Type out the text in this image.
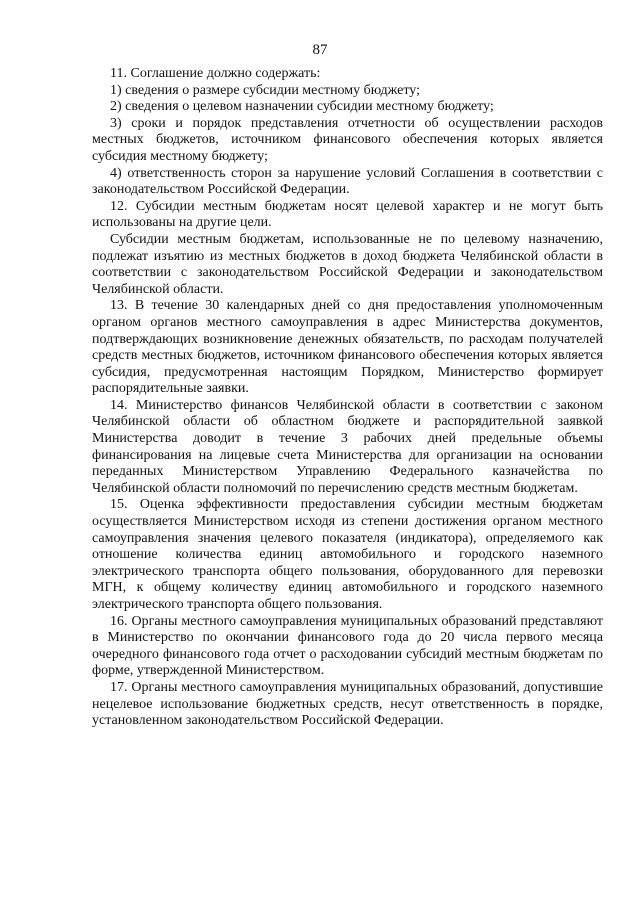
87

11. Соглашение должно содержать:

1) сведения о размере субсидии местному бюджету;

2) сведения о целевом назначении субсидии местному бюджету;

3) сроки и порядок представления отчетности об осуществлении расходов местных бюджетов, источником финансового обеспечения которых является субсидия местному бюджету;

4) ответственность сторон за нарушение условий Соглашения в соответствии с законодательством Российской Федерации.

12. Субсидии местным бюджетам носят целевой характер и не могут быть использованы на другие цели.

Субсидии местным бюджетам, использованные не по целевому назначению, подлежат изъятию из местных бюджетов в доход бюджета Челябинской области в соответствии с законодательством Российской Федерации и законодательством Челябинской области.

13. В течение 30 календарных дней со дня предоставления уполномоченным органом органов местного самоуправления в адрес Министерства документов, подтверждающих возникновение денежных обязательств, по расходам получателей средств местных бюджетов, источником финансового обеспечения которых является субсидия, предусмотренная настоящим Порядком, Министерство формирует распорядительные заявки.

14. Министерство финансов Челябинской области в соответствии с законом Челябинской области об областном бюджете и распорядительной заявкой Министерства доводит в течение 3 рабочих дней предельные объемы финансирования на лицевые счета Министерства для организации на основании переданных Министерством Управлению Федерального казначейства по Челябинской области полномочий по перечислению средств местным бюджетам.

15. Оценка эффективности предоставления субсидии местным бюджетам осуществляется Министерством исходя из степени достижения органом местного самоуправления значения целевого показателя (индикатора), определяемого как отношение количества единиц автомобильного и городского наземного электрического транспорта общего пользования, оборудованного для перевозки МГН, к общему количеству единиц автомобильного и городского наземного электрического транспорта общего пользования.

16. Органы местного самоуправления муниципальных образований представляют в Министерство по окончании финансового года до 20 числа первого месяца очередного финансового года отчет о расходовании субсидий местным бюджетам по форме, утвержденной Министерством.

17. Органы местного самоуправления муниципальных образований, допустившие нецелевое использование бюджетных средств, несут ответственность в порядке, установленном законодательством Российской Федерации.
